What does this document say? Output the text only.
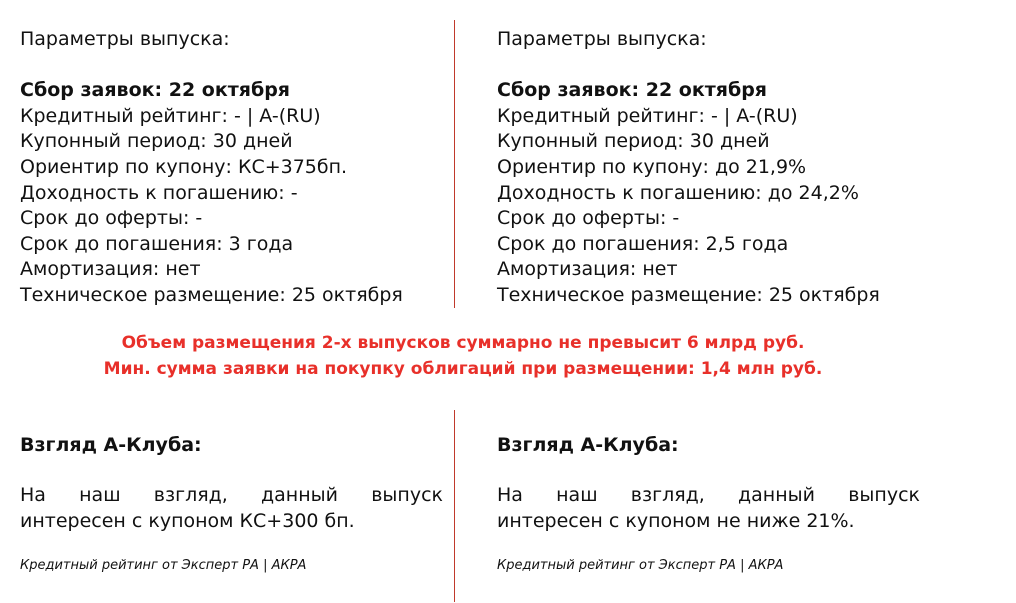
Параметры выпуска:
Сбор заявок: 22 октября
Кредитный рейтинг: - | A-(RU)
Купонный период: 30 дней
Ориентир по купону: КС+375бп.
Доходность к погашению: -
Срок до оферты: -
Срок до погашения: 3 года
Амортизация: нет
Техническое размещение: 25 октября
Параметры выпуска:
Сбор заявок: 22 октября
Кредитный рейтинг: - | A-(RU)
Купонный период: 30 дней
Ориентир по купону: до 21,9%
Доходность к погашению: до 24,2%
Срок до оферты: -
Срок до погашения: 2,5 года
Амортизация: нет
Техническое размещение: 25 октября
Объем размещения 2-х выпусков суммарно не превысит 6 млрд руб.
Мин. сумма заявки на покупку облигаций при размещении: 1,4 млн руб.
Взгляд А-Клуба:
На наш взгляд, данный выпуск интересен с купоном КС+300 бп.
Кредитный рейтинг от Эксперт РА | АКРА
Взгляд А-Клуба:
На наш взгляд, данный выпуск интересен с купоном не ниже 21%.
Кредитный рейтинг от Эксперт РА | АКРА
